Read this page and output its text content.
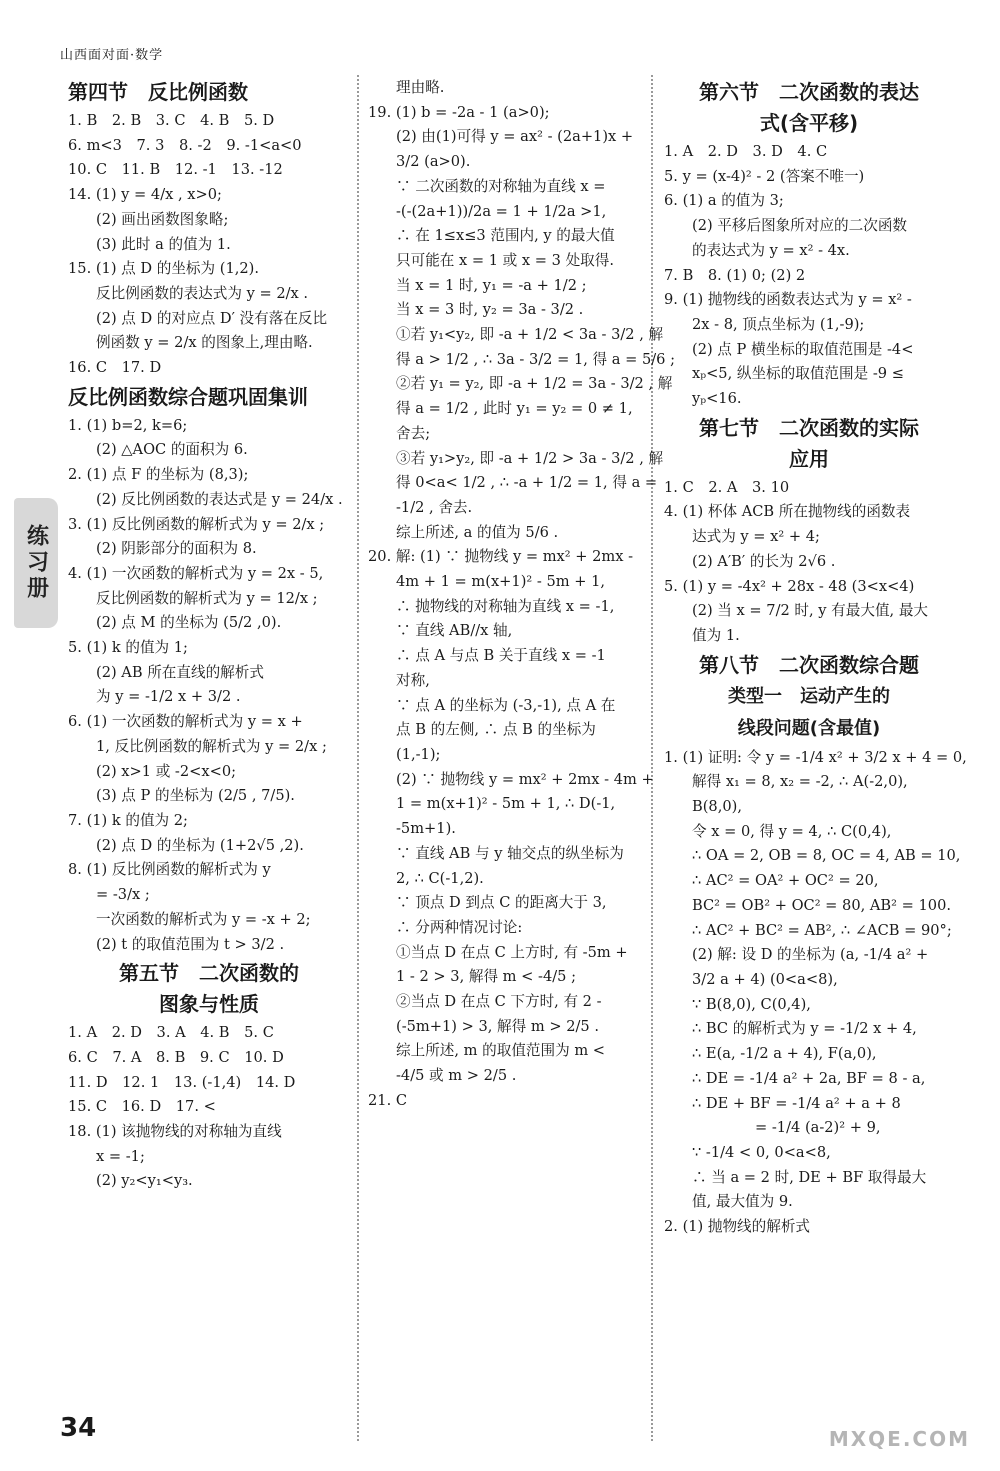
山西面对面·数学
第四节　反比例函数
1. B　2. B　3. C　4. B　5. D
6. m<3　7. 3　8. -2　9. -1<a<0
10. C　11. B　12. -1　13. -12
14. (1) y = 4/x , x>0;
(2) 画出函数图象略;
(3) 此时 a 的值为 1.
15. (1) 点 D 的坐标为 (1,2).
反比例函数的表达式为 y = 2/x .
(2) 点 D 的对应点 D′ 没有落在反比
例函数 y = 2/x 的图象上,理由略.
16. C　17. D
反比例函数综合题巩固集训
1. (1) b=2, k=6;
(2) △AOC 的面积为 6.
2. (1) 点 F 的坐标为 (8,3);
(2) 反比例函数的表达式是 y = 24/x .
3. (1) 反比例函数的解析式为 y = 2/x ;
(2) 阴影部分的面积为 8.
4. (1) 一次函数的解析式为 y = 2x - 5,
反比例函数的解析式为 y = 12/x ;
(2) 点 M 的坐标为 (5/2 ,0).
5. (1) k 的值为 1;
(2) AB 所在直线的解析式
为 y = -1/2 x + 3/2 .
6. (1) 一次函数的解析式为 y = x +
1, 反比例函数的解析式为 y = 2/x ;
(2) x>1 或 -2<x<0;
(3) 点 P 的坐标为 (2/5 , 7/5).
7. (1) k 的值为 2;
(2) 点 D 的坐标为 (1+2√5 ,2).
8. (1) 反比例函数的解析式为 y
= -3/x ;
一次函数的解析式为 y = -x + 2;
(2) t 的取值范围为 t > 3/2 .
第五节　二次函数的
图象与性质
1. A　2. D　3. A　4. B　5. C
6. C　7. A　8. B　9. C　10. D
11. D　12. 1　13. (-1,4)　14. D
15. C　16. D　17. <
18. (1) 该抛物线的对称轴为直线
x = -1;
(2) y₂<y₁<y₃.
理由略.
19. (1) b = -2a - 1 (a>0);
(2) 由(1)可得 y = ax² - (2a+1)x +
3/2 (a>0).
∵ 二次函数的对称轴为直线 x =
-(-(2a+1))/2a = 1 + 1/2a >1,
∴ 在 1≤x≤3 范围内, y 的最大值
只可能在 x = 1 或 x = 3 处取得.
当 x = 1 时, y₁ = -a + 1/2 ;
当 x = 3 时, y₂ = 3a - 3/2 .
①若 y₁<y₂, 即 -a + 1/2 < 3a - 3/2 , 解
得 a > 1/2 , ∴ 3a - 3/2 = 1, 得 a = 5/6 ;
②若 y₁ = y₂, 即 -a + 1/2 = 3a - 3/2 , 解
得 a = 1/2 , 此时 y₁ = y₂ = 0 ≠ 1,
舍去;
③若 y₁>y₂, 即 -a + 1/2 > 3a - 3/2 , 解
得 0<a< 1/2 , ∴ -a + 1/2 = 1, 得 a =
-1/2 , 舍去.
综上所述, a 的值为 5/6 .
20. 解: (1) ∵ 抛物线 y = mx² + 2mx -
4m + 1 = m(x+1)² - 5m + 1,
∴ 抛物线的对称轴为直线 x = -1,
∵ 直线 AB//x 轴,
∴ 点 A 与点 B 关于直线 x = -1
对称,
∵ 点 A 的坐标为 (-3,-1), 点 A 在
点 B 的左侧, ∴ 点 B 的坐标为
(1,-1);
(2) ∵ 抛物线 y = mx² + 2mx - 4m +
1 = m(x+1)² - 5m + 1, ∴ D(-1,
-5m+1).
∵ 直线 AB 与 y 轴交点的纵坐标为
2, ∴ C(-1,2).
∵ 顶点 D 到点 C 的距离大于 3,
∴ 分两种情况讨论:
①当点 D 在点 C 上方时, 有 -5m +
1 - 2 > 3, 解得 m < -4/5 ;
②当点 D 在点 C 下方时, 有 2 -
(-5m+1) > 3, 解得 m > 2/5 .
综上所述, m 的取值范围为 m <
-4/5 或 m > 2/5 .
21. C
第六节　二次函数的表达
式(含平移)
1. A　2. D　3. D　4. C
5. y = (x-4)² - 2 (答案不唯一)
6. (1) a 的值为 3;
(2) 平移后图象所对应的二次函数
的表达式为 y = x² - 4x.
7. B　8. (1) 0; (2) 2
9. (1) 抛物线的函数表达式为 y = x² -
2x - 8, 顶点坐标为 (1,-9);
(2) 点 P 横坐标的取值范围是 -4<
xₚ<5, 纵坐标的取值范围是 -9 ≤
yₚ<16.
第七节　二次函数的实际
应用
1. C　2. A　3. 10
4. (1) 杯体 ACB 所在抛物线的函数表
达式为 y = x² + 4;
(2) A′B′ 的长为 2√6 .
5. (1) y = -4x² + 28x - 48 (3<x<4)
(2) 当 x = 7/2 时, y 有最大值, 最大
值为 1.
第八节　二次函数综合题
类型一　运动产生的
线段问题(含最值)
1. (1) 证明: 令 y = -1/4 x² + 3/2 x + 4 = 0,
解得 x₁ = 8, x₂ = -2, ∴ A(-2,0),
B(8,0),
令 x = 0, 得 y = 4, ∴ C(0,4),
∴ OA = 2, OB = 8, OC = 4, AB = 10,
∴ AC² = OA² + OC² = 20,
BC² = OB² + OC² = 80, AB² = 100.
∴ AC² + BC² = AB², ∴ ∠ACB = 90°;
(2) 解: 设 D 的坐标为 (a, -1/4 a² +
3/2 a + 4) (0<a<8),
∵ B(8,0), C(0,4),
∴ BC 的解析式为 y = -1/2 x + 4,
∴ E(a, -1/2 a + 4), F(a,0),
∴ DE = -1/4 a² + 2a, BF = 8 - a,
∴ DE + BF = -1/4 a² + a + 8
　　　　 = -1/4 (a-2)² + 9,
∵ -1/4 < 0, 0<a<8,
∴ 当 a = 2 时, DE + BF 取得最大
值, 最大值为 9.
2. (1) 抛物线的解析式
练习册
34	MXQE.COM
